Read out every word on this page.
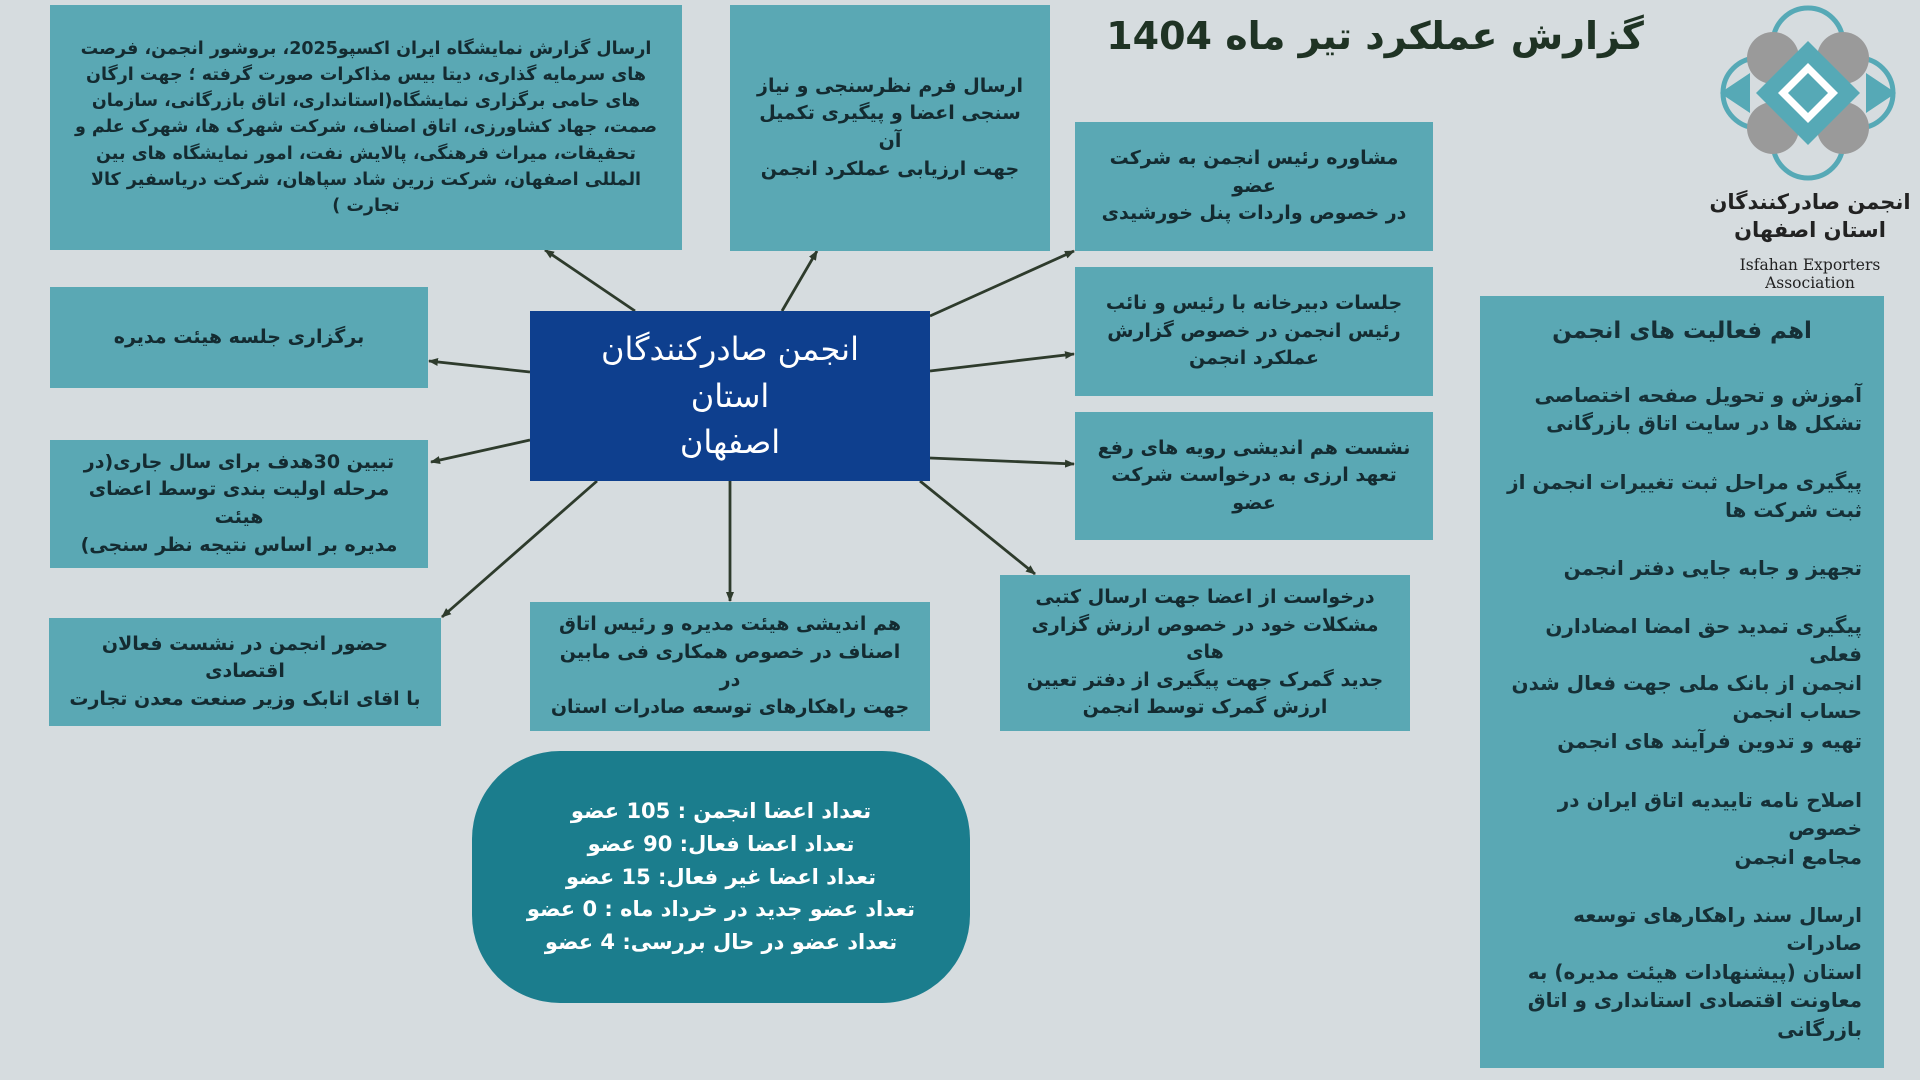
گزارش عملکرد تیر ماه 1404
انجمن صادرکنندگان
استان اصفهان
Isfahan Exporters Association
ارسال گزارش نمایشگاه ایران اکسپو2025، بروشور انجمن، فرصت
های سرمایه گذاری، دیتا بیس مذاکرات صورت گرفته ؛ جهت ارگان
های حامی برگزاری نمایشگاه(استانداری، اتاق بازرگانی، سازمان
صمت، جهاد کشاورزی، اتاق اصناف، شرکت شهرک ها، شهرک علم و
تحقیقات، میراث فرهنگی، پالایش نفت، امور نمایشگاه های بین
المللی اصفهان، شرکت زرین شاد سپاهان، شرکت درياسفير کالا
تجارت )
ارسال فرم نظرسنجی و نیاز
سنجی اعضا و پیگیری تکمیل آن
جهت ارزیابی عملکرد انجمن	مشاوره رئیس انجمن به شرکت عضو
در خصوص واردات پنل خورشیدی
جلسات دبیرخانه با رئیس و نائب
رئیس انجمن در خصوص گزارش
عملکرد انجمن
نشست هم اندیشی رویه های رفع
تعهد ارزی به درخواست شرکت عضو
درخواست از اعضا جهت ارسال کتبی
مشکلات خود در خصوص ارزش گزاری های
جدید گمرک جهت پیگیری از دفتر تعیین
ارزش گمرک توسط انجمن
هم اندیشی هیئت مدیره و رئیس اتاق
اصناف در خصوص همکاری فی مابین در
جهت راهکارهای توسعه صادرات استان
حضور انجمن در نشست فعالان اقتصادی
با اقای اتابک وزیر صنعت معدن تجارت
تبیین 30هدف برای سال جاری(در
مرحله اولیت بندی توسط اعضای هیئت
مدیره بر اساس نتیجه نظر سنجی)
برگزاری جلسه هیئت مدیره	انجمن صادرکنندگان استان
اصفهان
تعداد اعضا انجمن : 105 عضو
تعداد اعضا فعال: 90 عضو
تعداد اعضا غیر فعال: 15 عضو
تعداد عضو جدید در خرداد ماه : 0 عضو
تعداد عضو در حال بررسی: 4 عضو
اهم فعالیت های انجمن
آموزش و تحویل صفحه اختصاصی
تشکل ها در سایت اتاق بازرگانی
پیگیری مراحل ثبت تغییرات انجمن از
ثبت شرکت ها
تجهیز و جابه جایی دفتر انجمن
پیگیری تمدید حق امضا امضادارن فعلی
انجمن از بانک ملی جهت فعال شدن
حساب انجمن
تهیه و تدوین فرآیند های انجمن
اصلاح نامه تاییدیه اتاق ایران در خصوص
مجامع انجمن
ارسال سند راهکارهای توسعه صادرات
استان (پیشنهادات هیئت مدیره) به
معاونت اقتصادی استانداری و اتاق
بازرگانی
